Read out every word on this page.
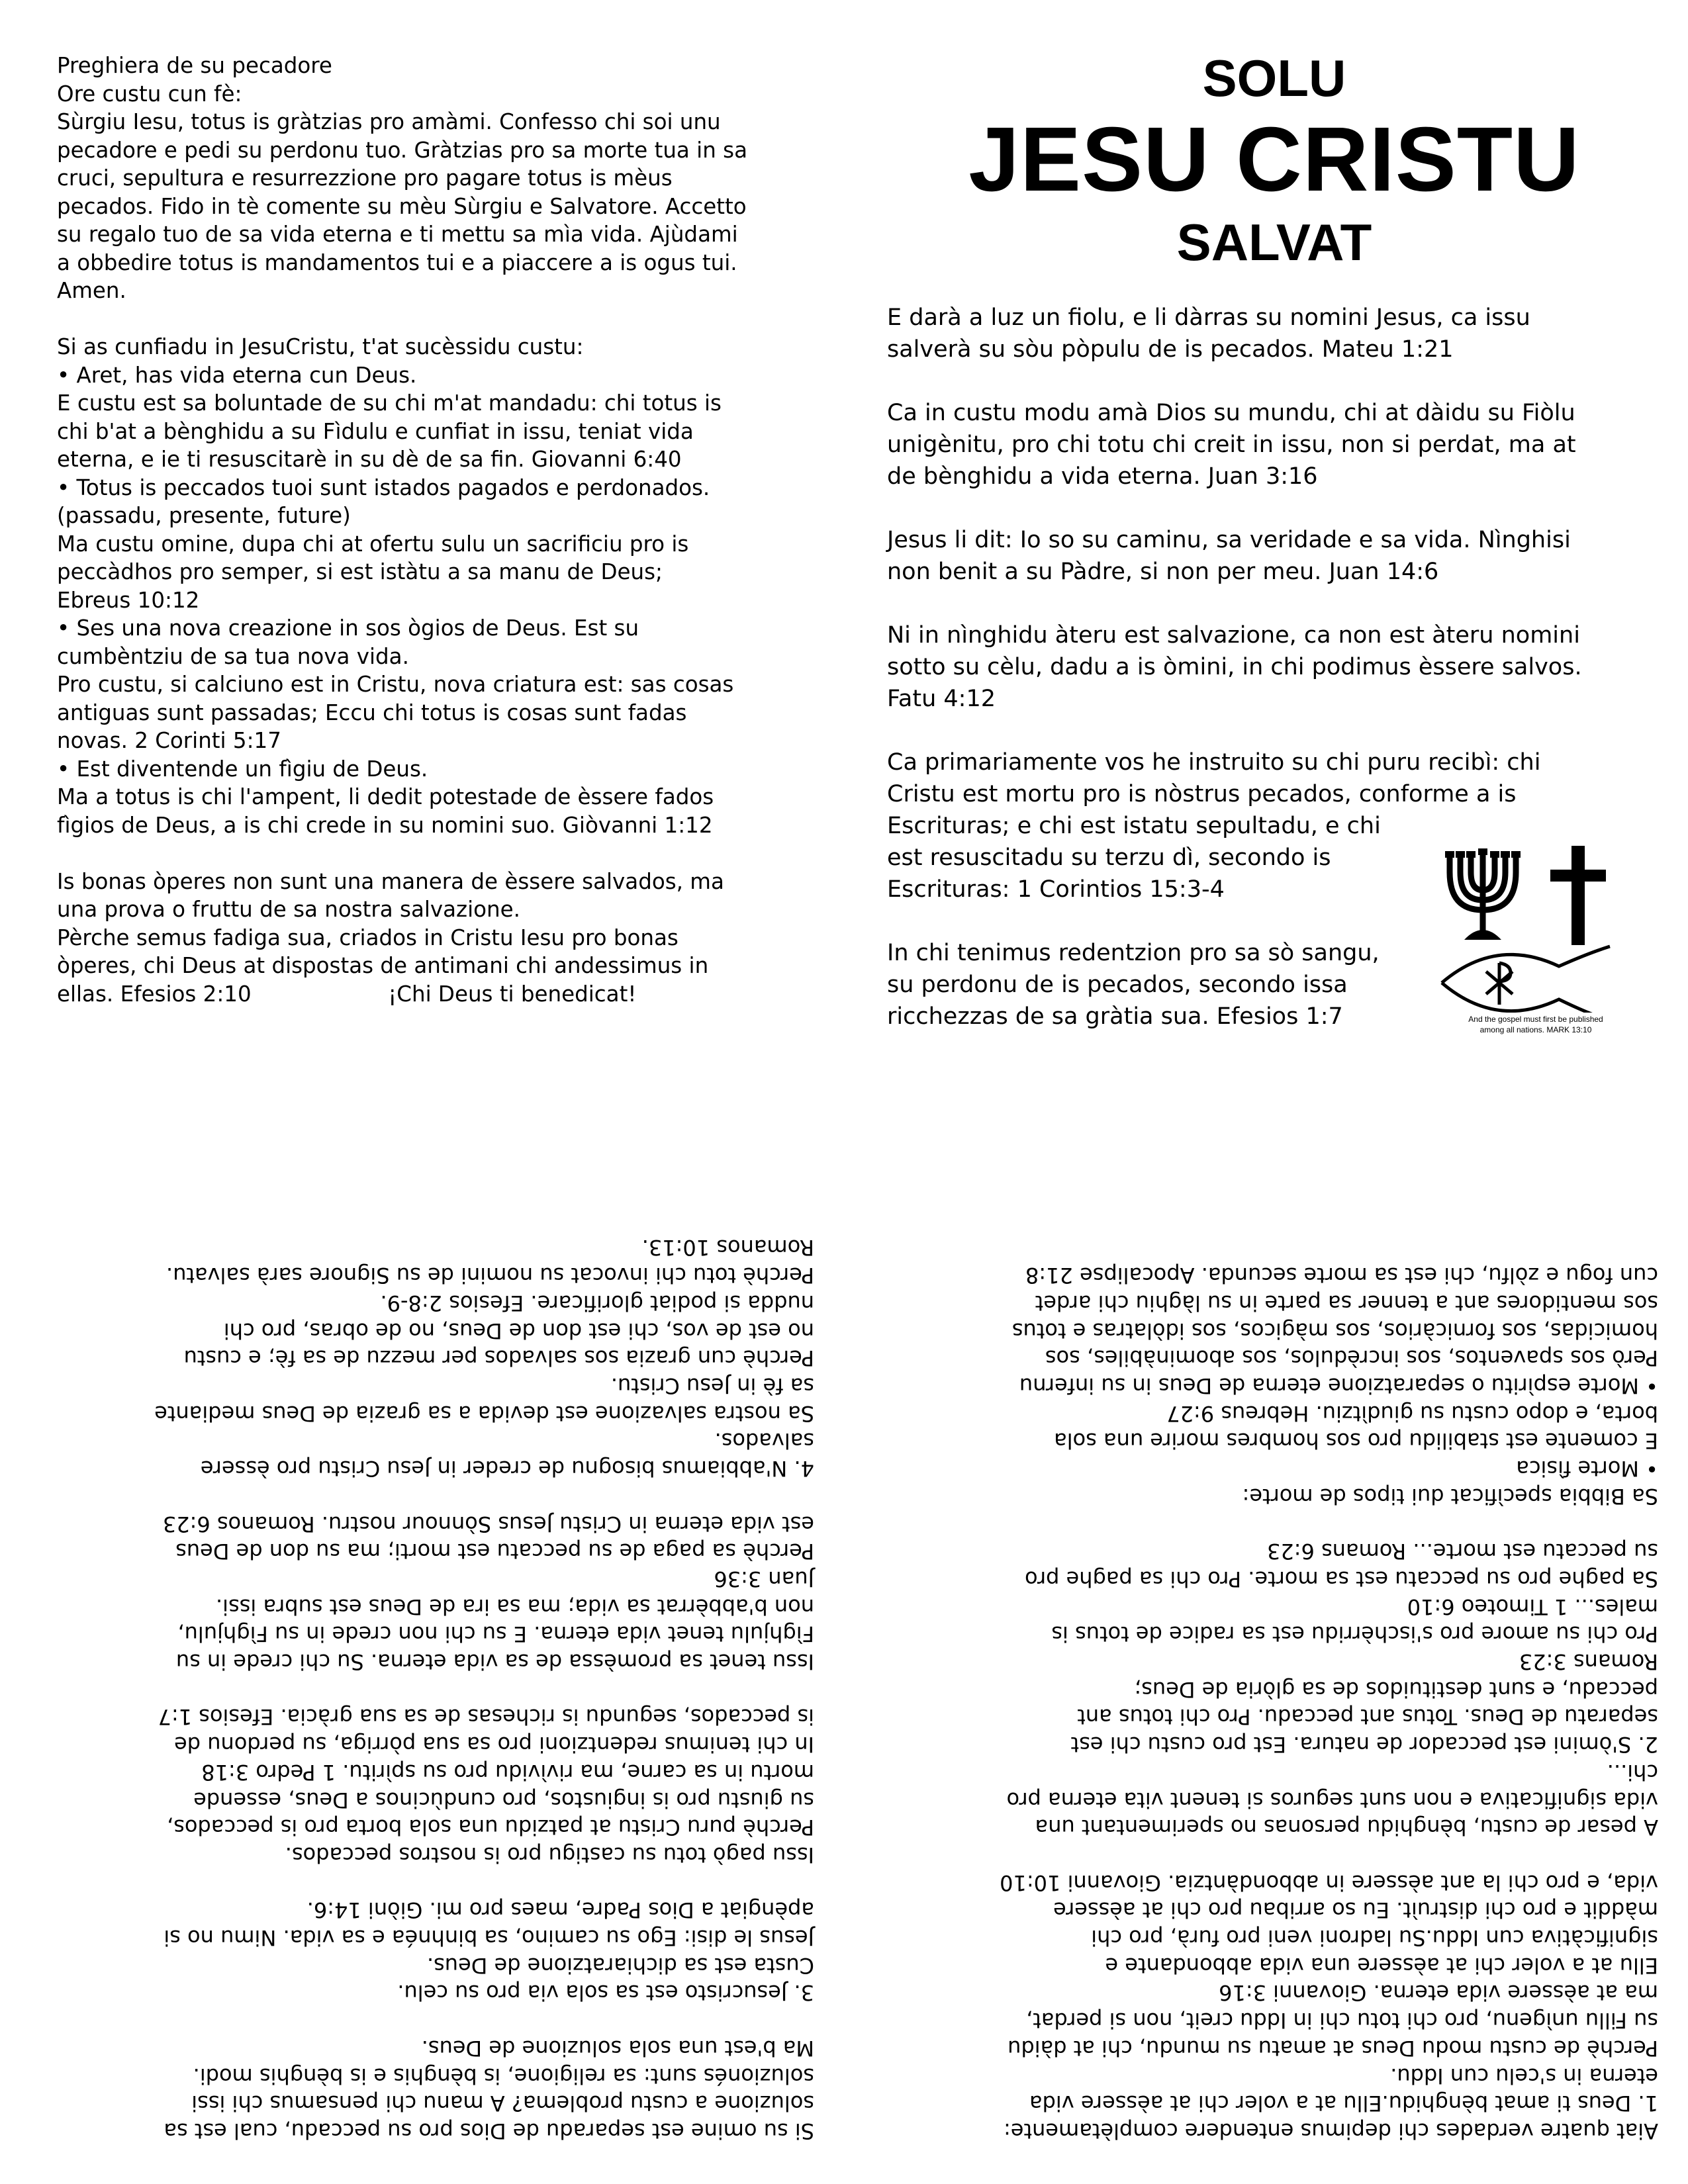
Preghiera de su pecadore
Ore custu cun fè:
Sùrgiu Iesu, totus is gràtzias pro amàmi. Confesso chi soi unu
pecadore e pedi su perdonu tuo. Gràtzias pro sa morte tua in sa
cruci, sepultura e resurrezzione pro pagare totus is mèus
pecados. Fido in tè comente su mèu Sùrgiu e Salvatore. Accetto
su regalo tuo de sa vida eterna e ti mettu sa mìa vida. Ajùdami
a obbedire totus is mandamentos tui e a piaccere a is ogus tui.
Amen.

Si as cunfiadu in JesuCristu, t'at sucèssidu custu:
• Aret, has vida eterna cun Deus.
E custu est sa boluntade de su chi m'at mandadu: chi totus is
chi b'at a bènghidu a su Fìdulu e cunfiat in issu, teniat vida
eterna, e ie ti resuscitarè in su dè de sa fin. Giovanni 6:40
• Totus is peccados tuoi sunt istados pagados e perdonados.
(passadu, presente, future)
Ma custu omine, dupa chi at ofertu sulu un sacrificiu pro is
peccàdhos pro semper, si est istàtu a sa manu de Deus;
Ebreus 10:12
• Ses una nova creazione in sos ògios de Deus. Est su
cumbèntziu de sa tua nova vida.
Pro custu, si calciuno est in Cristu, nova criatura est: sas cosas
antiguas sunt passadas; Eccu chi totus is cosas sunt fadas
novas. 2 Corinti 5:17
• Est diventende un fìgiu de Deus.
Ma a totus is chi l'ampent, li dedit potestade de èssere fados
fìgios de Deus, a is chi crede in su nomini suo. Giòvanni 1:12

Is bonas òperes non sunt una manera de èssere salvados, ma
una prova o fruttu de sa nostra salvazione.
Pèrche semus fadiga sua, criados in Cristu Iesu pro bonas
òperes, chi Deus at dispostas de antimani chi andessimus in
ellas. Efesios 2:10                    ¡Chi Deus ti benedicat!
SOLU
JESU CRISTU
SALVAT
E darà a luz un fiolu, e li dàrras su nomini Jesus, ca issu
salverà su sòu pòpulu de is pecados. Mateu 1:21
Ca in custu modu amà Dios su mundu, chi at dàidu su Fiòlu
unigènitu, pro chi totu chi creit in issu, non si perdat, ma at
de bènghidu a vida eterna. Juan 3:16
Jesus li dit: Io so su caminu, sa veridade e sa vida. Nìnghisi
non benit a su Pàdre, si non per meu. Juan 14:6
Ni in nìnghidu àteru est salvazione, ca non est àteru nomini
sotto su cèlu, dadu a is òmini, in chi podimus èssere salvos.
Fatu 4:12
Ca primariamente vos he instruito su chi puru recibì: chi
Cristu est mortu pro is nòstrus pecados, conforme a is
Escrituras; e chi est istatu sepultadu, e chi
est resuscitadu su terzu dì, secondo is
Escrituras: 1 Corintios 15:3-4
In chi tenimus redentzion pro sa sò sangu,
su perdonu de is pecados, secondo issa
ricchezzas de sa gràtia sua. Efesios 1:7	And the gospel must first be published
among all nations. MARK 13:10
Si su omine est separadu de Dios pro su peccadu, cual est sa
soluzione a custu problema? A manu chi pensamus chi issi
soluzionés sunt: sa religione, is bènghis e is bènghis modi.
Ma b'est una sola soluzione de Deus.

3. Jesucristo est sa sola via pro su celu.
Custa est sa dichiaratzione de Deus.
Jesus le disi: Ego su camino, sa binhnéa e sa vida. Nimu no si
apèngiat a Dios Padre, maes pro mi. Giòni 14:6.

Issu pagò totu su castigu pro is nostros peccados.
Perchè puru Cristu at patzidu una sola borta pro is peccados,
su giustu pro is ingiustos, pro cundùcinos a Deus, essende
mortu in sa carne, ma rivìvidu pro su spìritu. 1 Pedro 3:18
In chi tenimus redentzioni pro sa sua pòrriga, su perdonu de
is peccados, segundu is richesas de sa sua gràcia. Efesios 1:7

Issu tenet sa promèssa de sa vida eterna. Su chi crede in su
Fìghjulu tenet vida eterna. E su chi non crede in su Fìghjulu,
non b'abbèrrat sa vida; ma sa ira de Deus est subra issi.
Juan 3:36
Perchè sa paga de su peccatu est morti; ma su don de Deus
est vida eterna in Cristu Jesus Sònnour nostru. Romanos 6:23

4. N'abbiamus bisognu de creder in Jesu Cristu pro èssere
salvados.
Sa nostra salvazione est devida a sa grazia de Deus mediante
sa fè in Jesu Cristu.
Perchè cun grazia sos salvados per mezzu de sa fè; e custu
no est de vos, chi est don de Deus, no de obras, pro chi
nudda si podiat glorificare. Efesios 2:8-9.
Perchè totu chi invocat su nomini de su Signore sarà salvatu.
Romanos 10:13.
Aiat quatre verdades chi depimus entendere complètamente:
1. Deus ti amat bènghidu.Ellu at a voler chi at aèssere vida
eterna in s'celu cun Iddu.
Perchè de custu modu Deus at amatu su mundu, chi at dàidu
su Fillu unìgenu, pro chi totu chi in Iddu creit, non si perdat,
ma at aèssere vida eterna. Giovanni 3:16
Ellu at a voler chi at aèssere una vida abbondante e
significàtiva cun Iddu.Su ladroni veni pro furà, pro chi
màddit e pro chi distruìt. Eu so arribau pro chi at aèssere
vida, e pro chi la ant aèssere in abbondàntzia. Giovanni 10:10

A pesar de custu, bènghidu personas no sperimentant una
vida significativa e non sunt seguros si tenent vita eterna pro
chi...
2. S'òmini est peccador de natura. Est pro custu chi est
separatu de Deus. Totus ant peccadu. Pro chi totus ant
peccadu, e sunt destituidos de sa glòria de Deus;
Romans 3:23
Pro chi su amore pro s'ischèrridu est sa radice de totus is
males... 1 Timoteo 6:10
Sa paghe pro su peccatu est sa morte. Pro chi sa paghe pro
su peccatu est morte... Romans 6:23

Sa Bibbia specìficat dui tipos de morte:
• Morte fìsica
E comente est stabilidu pro sos hombres morire una sola
borta, e dopo custu su giudìtziu. Hebreus 9:27
• Morte espìritu o separatzione eterna de Deus in su infernu
Però sos spaventos, sos incrèdulos, sos abominàbiles, sos
homicidas, sos fornicàrios, sos màgicos, sos idòlatras e totus
sos mentidores ant a tenner sa parte in su làghiu chi ardet
cun fogu e zòlfu, chi est sa morte secunda. Apocalipse 21:8
